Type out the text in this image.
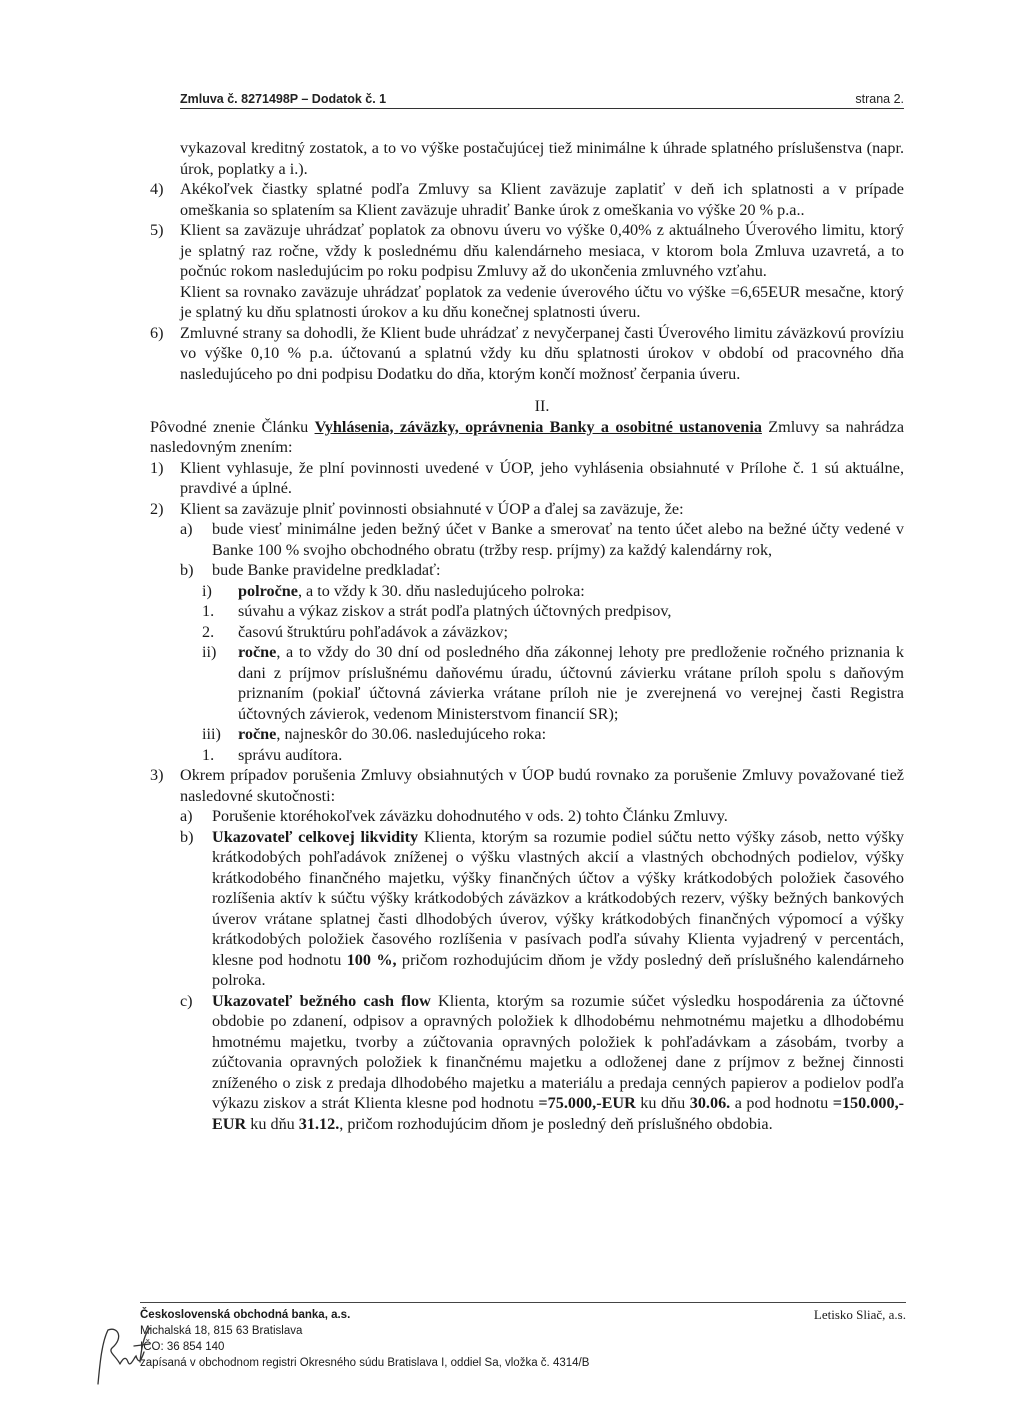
Zmluva č. 8271498P – Dodatok č. 1	strana 2.

vykazoval kreditný zostatok, a to vo výške postačujúcej tiež minimálne k úhrade splatného príslušenstva (napr. úrok, poplatky a i.).

4) Akékoľvek čiastky splatné podľa Zmluvy sa Klient zaväzuje zaplatiť v deň ich splatnosti a v prípade omeškania so splatením sa Klient zaväzuje uhradiť Banke úrok z omeškania vo výške 20 % p.a..

5) Klient sa zaväzuje uhrádzať poplatok za obnovu úveru vo výške 0,40% z aktuálneho Úverového limitu, ktorý je splatný raz ročne, vždy k poslednému dňu kalendárneho mesiaca, v ktorom bola Zmluva uzavretá, a to počnúc rokom nasledujúcim po roku podpisu Zmluvy až do ukončenia zmluvného vzťahu.

Klient sa rovnako zaväzuje uhrádzať poplatok za vedenie úverového účtu vo výške =6,65EUR mesačne, ktorý je splatný ku dňu splatnosti úrokov a ku dňu konečnej splatnosti úveru.

6) Zmluvné strany sa dohodli, že Klient bude uhrádzať z nevyčerpanej časti Úverového limitu záväzkovú províziu vo výške 0,10 % p.a. účtovanú a splatnú vždy ku dňu splatnosti úrokov v období od pracovného dňa nasledujúceho po dni podpisu Dodatku do dňa, ktorým končí možnosť čerpania úveru.

II.

Pôvodné znenie Článku Vyhlásenia, záväzky, oprávnenia Banky a osobitné ustanovenia Zmluvy sa nahrádza nasledovným znením:

1) Klient vyhlasuje, že plní povinnosti uvedené v ÚOP, jeho vyhlásenia obsiahnuté v Prílohe č. 1 sú aktuálne, pravdivé a úplné.

2) Klient sa zaväzuje plniť povinnosti obsiahnuté v ÚOP a ďalej sa zaväzuje, že:

a) bude viesť minimálne jeden bežný účet v Banke a smerovať na tento účet alebo na bežné účty vedené v Banke 100 % svojho obchodného obratu (tržby resp. príjmy) za každý kalendárny rok,

b) bude Banke pravidelne predkladať:

i) polročne, a to vždy k 30. dňu nasledujúceho polroka:

1. súvahu a výkaz ziskov a strát podľa platných účtovných predpisov,

2. časovú štruktúru pohľadávok a záväzkov;

ii) ročne, a to vždy do 30 dní od posledného dňa zákonnej lehoty pre predloženie ročného priznania k dani z príjmov príslušnému daňovému úradu, účtovnú závierku vrátane príloh spolu s daňovým priznaním (pokiaľ účtovná závierka vrátane príloh nie je zverejnená vo verejnej časti Registra účtovných závierok, vedenom Ministerstvom financií SR);

iii) ročne, najneskôr do 30.06. nasledujúceho roka:

1. správu audítora.

3) Okrem prípadov porušenia Zmluvy obsiahnutých v ÚOP budú rovnako za porušenie Zmluvy považované tiež nasledovné skutočnosti:

a) Porušenie ktoréhokoľvek záväzku dohodnutého v ods. 2) tohto Článku Zmluvy.

b) Ukazovateľ celkovej likvidity Klienta, ktorým sa rozumie podiel súčtu netto výšky zásob, netto výšky krátkodobých pohľadávok zníženej o výšku vlastných akcií a vlastných obchodných podielov, výšky krátkodobého finančného majetku, výšky finančných účtov a výšky krátkodobých položiek časového rozlíšenia aktív k súčtu výšky krátkodobých záväzkov a krátkodobých rezerv, výšky bežných bankových úverov vrátane splatnej časti dlhodobých úverov, výšky krátkodobých finančných výpomocí a výšky krátkodobých položiek časového rozlíšenia v pasívach podľa súvahy Klienta vyjadrený v percentách, klesne pod hodnotu 100 %, pričom rozhodujúcim dňom je vždy posledný deň príslušného kalendárneho polroka.

c) Ukazovateľ bežného cash flow Klienta, ktorým sa rozumie súčet výsledku hospodárenia za účtovné obdobie po zdanení, odpisov a opravných položiek k dlhodobému nehmotnému majetku a dlhodobému hmotnému majetku, tvorby a zúčtovania opravných položiek k pohľadávkam a zásobám, tvorby a zúčtovania opravných položiek k finančnému majetku a odloženej dane z príjmov z bežnej činnosti zníženého o zisk z predaja dlhodobého majetku a materiálu a predaja cenných papierov a podielov podľa výkazu ziskov a strát Klienta klesne pod hodnotu =75.000,-EUR ku dňu 30.06. a pod hodnotu =150.000,-EUR ku dňu 31.12., pričom rozhodujúcim dňom je posledný deň príslušného obdobia.

Československá obchodná banka, a.s.	Letisko Sliač, a.s.
Michalská 18, 815 63 Bratislava
IČO: 36 854 140
zapísaná v obchodnom registri Okresného súdu Bratislava I, oddiel Sa, vložka č. 4314/B
